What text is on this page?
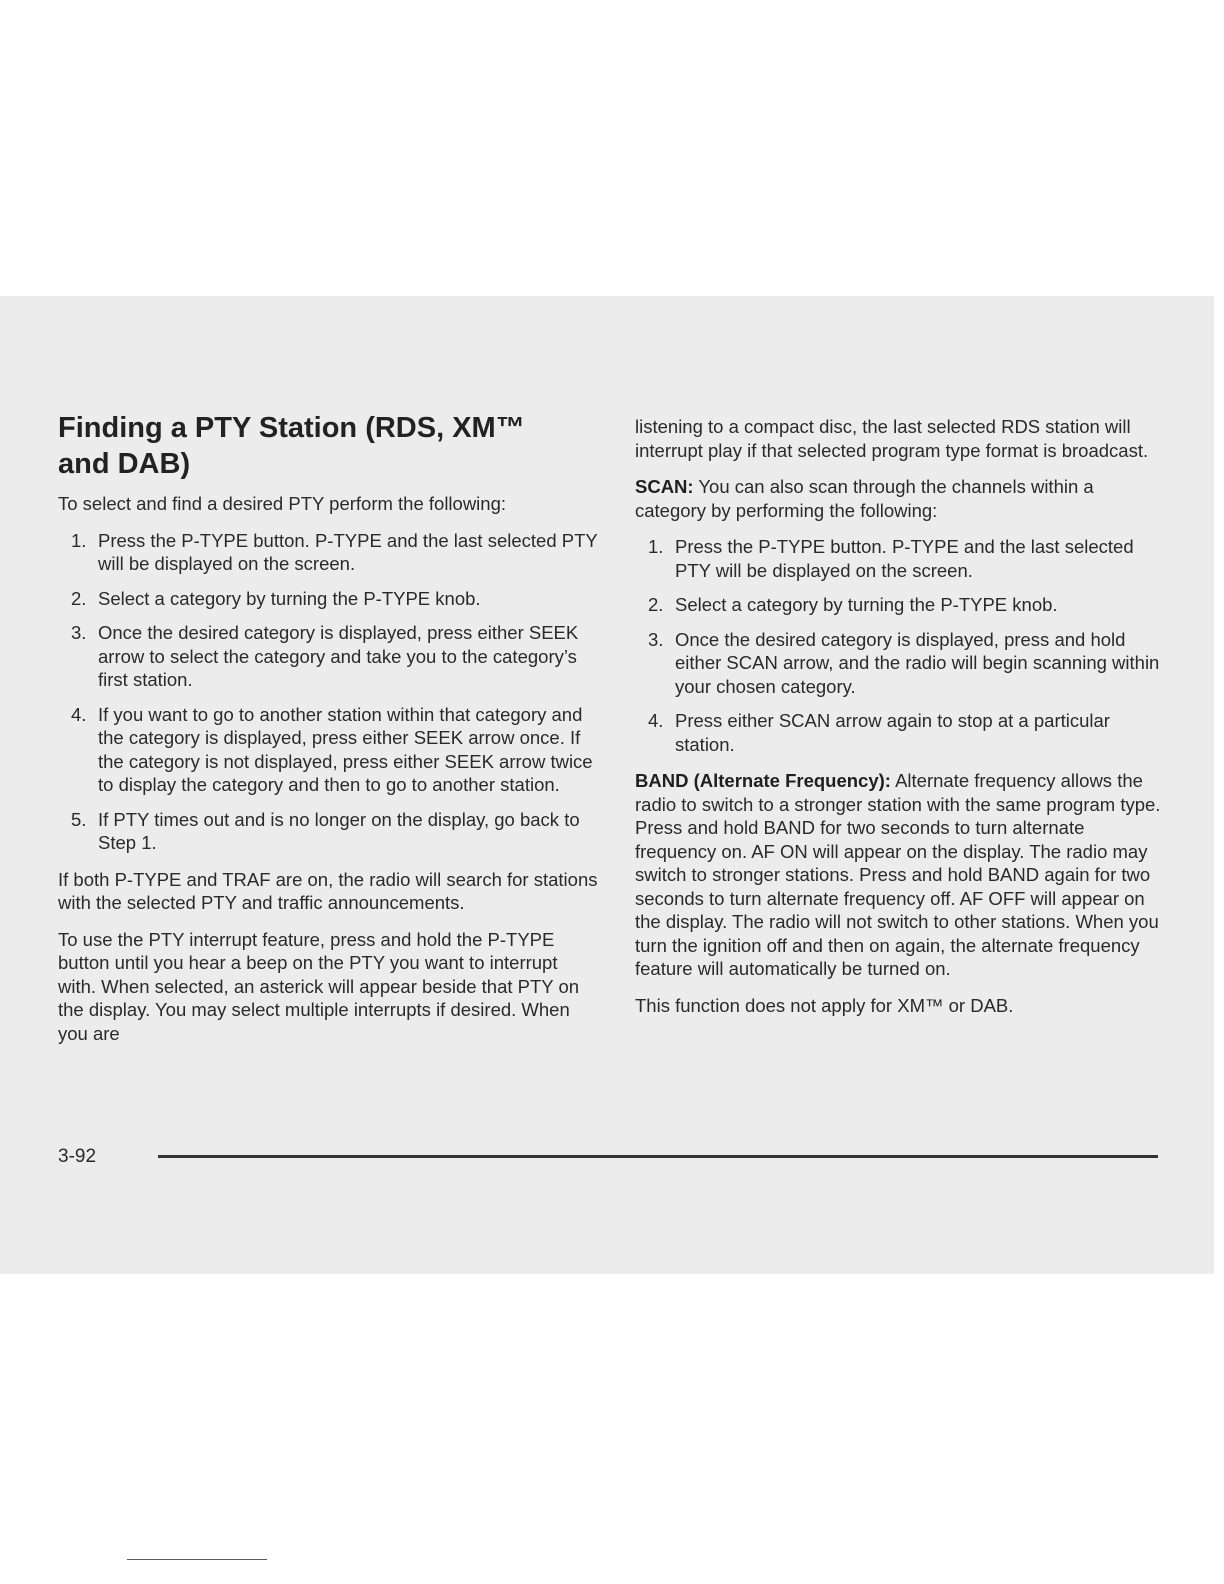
Finding a PTY Station (RDS, XM™ and DAB)

To select and find a desired PTY perform the following:

1. Press the P-TYPE button. P-TYPE and the last selected PTY will be displayed on the screen.
2. Select a category by turning the P-TYPE knob.
3. Once the desired category is displayed, press either SEEK arrow to select the category and take you to the category’s first station.
4. If you want to go to another station within that category and the category is displayed, press either SEEK arrow once. If the category is not displayed, press either SEEK arrow twice to display the category and then to go to another station.
5. If PTY times out and is no longer on the display, go back to Step 1.

If both P-TYPE and TRAF are on, the radio will search for stations with the selected PTY and traffic announcements.

To use the PTY interrupt feature, press and hold the P-TYPE button until you hear a beep on the PTY you want to interrupt with. When selected, an asterick will appear beside that PTY on the display. You may select multiple interrupts if desired. When you are

listening to a compact disc, the last selected RDS station will interrupt play if that selected program type format is broadcast.

SCAN: You can also scan through the channels within a category by performing the following:

1. Press the P-TYPE button. P-TYPE and the last selected PTY will be displayed on the screen.
2. Select a category by turning the P-TYPE knob.
3. Once the desired category is displayed, press and hold either SCAN arrow, and the radio will begin scanning within your chosen category.
4. Press either SCAN arrow again to stop at a particular station.

BAND (Alternate Frequency): Alternate frequency allows the radio to switch to a stronger station with the same program type. Press and hold BAND for two seconds to turn alternate frequency on. AF ON will appear on the display. The radio may switch to stronger stations. Press and hold BAND again for two seconds to turn alternate frequency off. AF OFF will appear on the display. The radio will not switch to other stations. When you turn the ignition off and then on again, the alternate frequency feature will automatically be turned on.

This function does not apply for XM™ or DAB.

3-92
